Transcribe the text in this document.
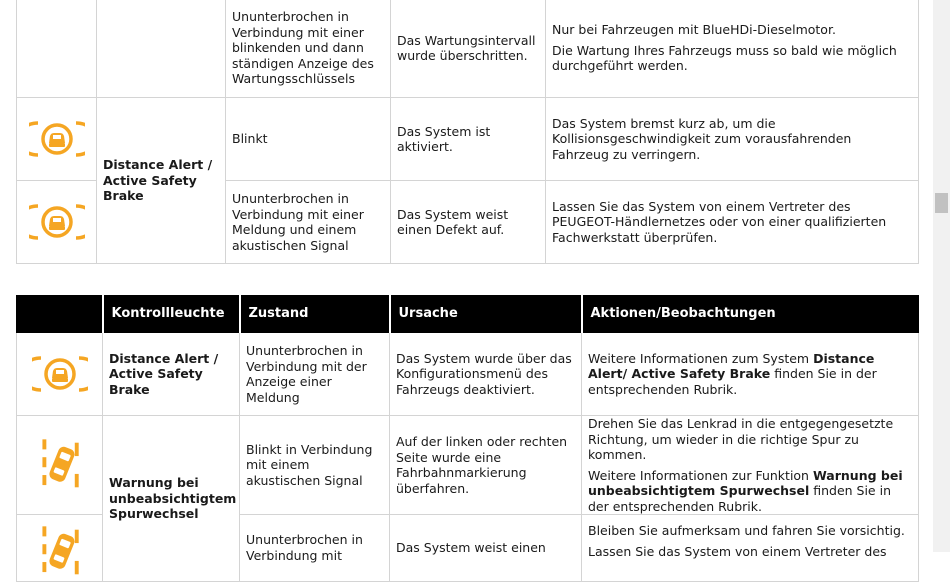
		Ununterbrochen in Verbindung mit einer blinkenden und dann ständigen Anzeige des Wartungsschlüssels	Das Wartungsintervall wurde überschritten.	Nur bei Fahrzeugen mit BlueHDi-Dieselmotor.

Die Wartung Ihres Fahrzeugs muss so bald wie möglich durchgeführt werden.

	Distance Alert / Active Safety Brake	Blinkt	Das System ist aktiviert.	Das System bremst kurz ab, um die Kollisionsgeschwindigkeit zum vorausfahrenden Fahrzeug zu verringern.
	Ununterbrochen in Verbindung mit einer Meldung und einem akustischen Signal	Das System weist einen Defekt auf.	Lassen Sie das System von einem Vertreter des PEUGEOT-Händlernetzes oder von einer qualifizierten Fachwerkstatt überprüfen.
	Kontrollleuchte	Zustand	Ursache	Aktionen/Beobachtungen
	Distance Alert / Active Safety Brake	Ununterbrochen in Verbindung mit der Anzeige einer Meldung	Das System wurde über das Konfigurationsmenü des Fahrzeugs deaktiviert.	Weitere Informationen zum System Distance Alert/ Active Safety Brake finden Sie in der entsprechenden Rubrik.
	Warnung bei unbeabsichtigtem Spurwechsel	Blinkt in Verbindung mit einem akustischen Signal	Auf der linken oder rechten Seite wurde eine Fahrbahnmarkierung überfahren.	Drehen Sie das Lenkrad in die entgegengesetzte Richtung, um wieder in die richtige Spur zu kommen.

Weitere Informationen zur Funktion Warnung bei unbeabsichtigtem Spurwechsel finden Sie in der entsprechenden Rubrik.

	Ununterbrochen in Verbindung mit	Das System weist einen	Bleiben Sie aufmerksam und fahren Sie vorsichtig.

Lassen Sie das System von einem Vertreter des
